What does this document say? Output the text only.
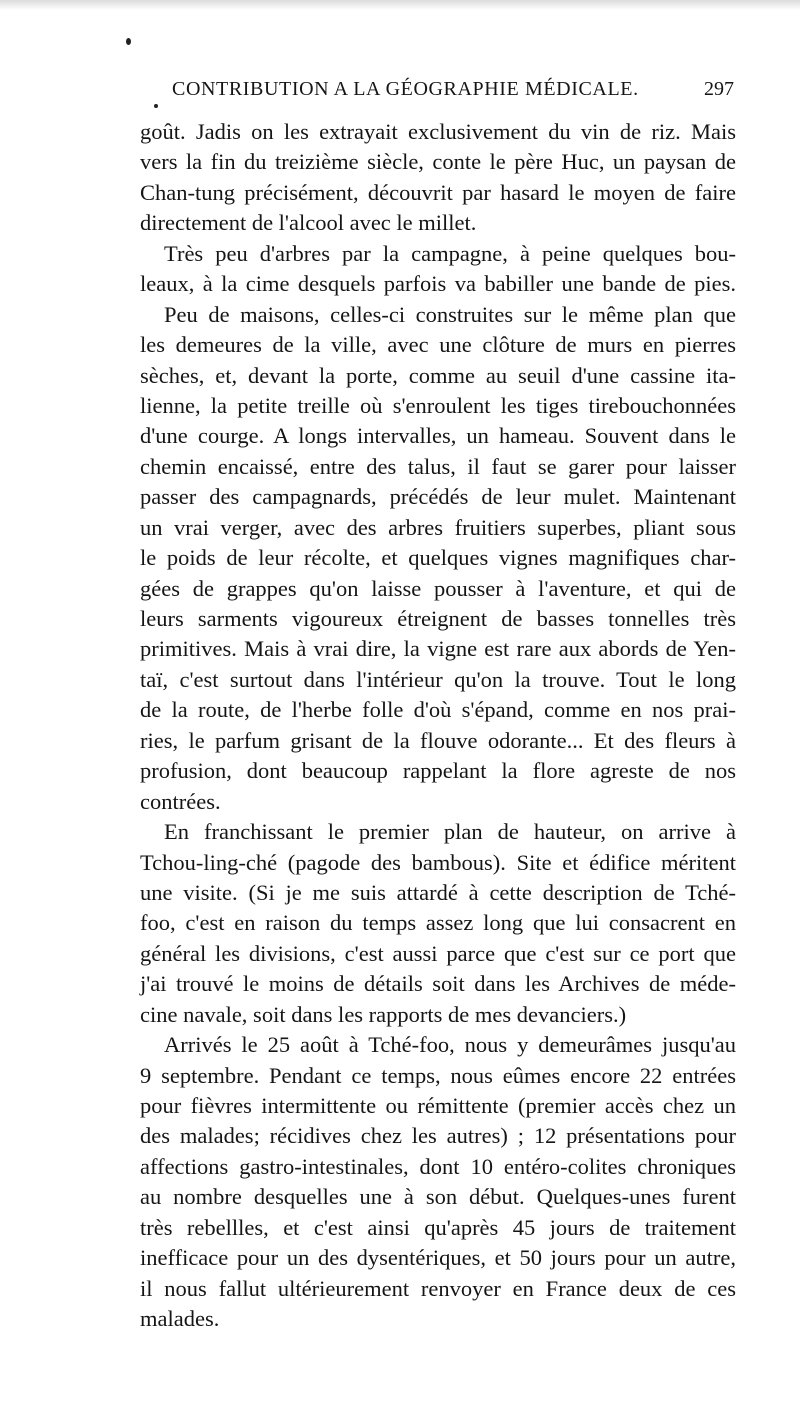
CONTRIBUTION A LA GÉOGRAPHIE MÉDICALE.	297
goût. Jadis on les extrayait exclusivement du vin de riz. Mais
vers la fin du treizième siècle, conte le père Huc, un paysan de
Chan-tung précisément, découvrit par hasard le moyen de faire
directement de l'alcool avec le millet.
Très peu d'arbres par la campagne, à peine quelques bou-
leaux, à la cime desquels parfois va babiller une bande de pies.
Peu de maisons, celles-ci construites sur le même plan que
les demeures de la ville, avec une clôture de murs en pierres
sèches, et, devant la porte, comme au seuil d'une cassine ita-
lienne, la petite treille où s'enroulent les tiges tirebouchonnées
d'une courge. A longs intervalles, un hameau. Souvent dans le
chemin encaissé, entre des talus, il faut se garer pour laisser
passer des campagnards, précédés de leur mulet. Maintenant
un vrai verger, avec des arbres fruitiers superbes, pliant sous
le poids de leur récolte, et quelques vignes magnifiques char-
gées de grappes qu'on laisse pousser à l'aventure, et qui de
leurs sarments vigoureux étreignent de basses tonnelles très
primitives. Mais à vrai dire, la vigne est rare aux abords de Yen-
taï, c'est surtout dans l'intérieur qu'on la trouve. Tout le long
de la route, de l'herbe folle d'où s'épand, comme en nos prai-
ries, le parfum grisant de la flouve odorante... Et des fleurs à
profusion, dont beaucoup rappelant la flore agreste de nos
contrées.
En franchissant le premier plan de hauteur, on arrive à
Tchou-ling-ché (pagode des bambous). Site et édifice méritent
une visite. (Si je me suis attardé à cette description de Tché-
foo, c'est en raison du temps assez long que lui consacrent en
général les divisions, c'est aussi parce que c'est sur ce port que
j'ai trouvé le moins de détails soit dans les Archives de méde-
cine navale, soit dans les rapports de mes devanciers.)
Arrivés le 25 août à Tché-foo, nous y demeurâmes jusqu'au
9 septembre. Pendant ce temps, nous eûmes encore 22 entrées
pour fièvres intermittente ou rémittente (premier accès chez un
des malades; récidives chez les autres) ; 12 présentations pour
affections gastro-intestinales, dont 10 entéro-colites chroniques
au nombre desquelles une à son début. Quelques-unes furent
très rebellles, et c'est ainsi qu'après 45 jours de traitement
inefficace pour un des dysentériques, et 50 jours pour un autre,
il nous fallut ultérieurement renvoyer en France deux de ces
malades.
